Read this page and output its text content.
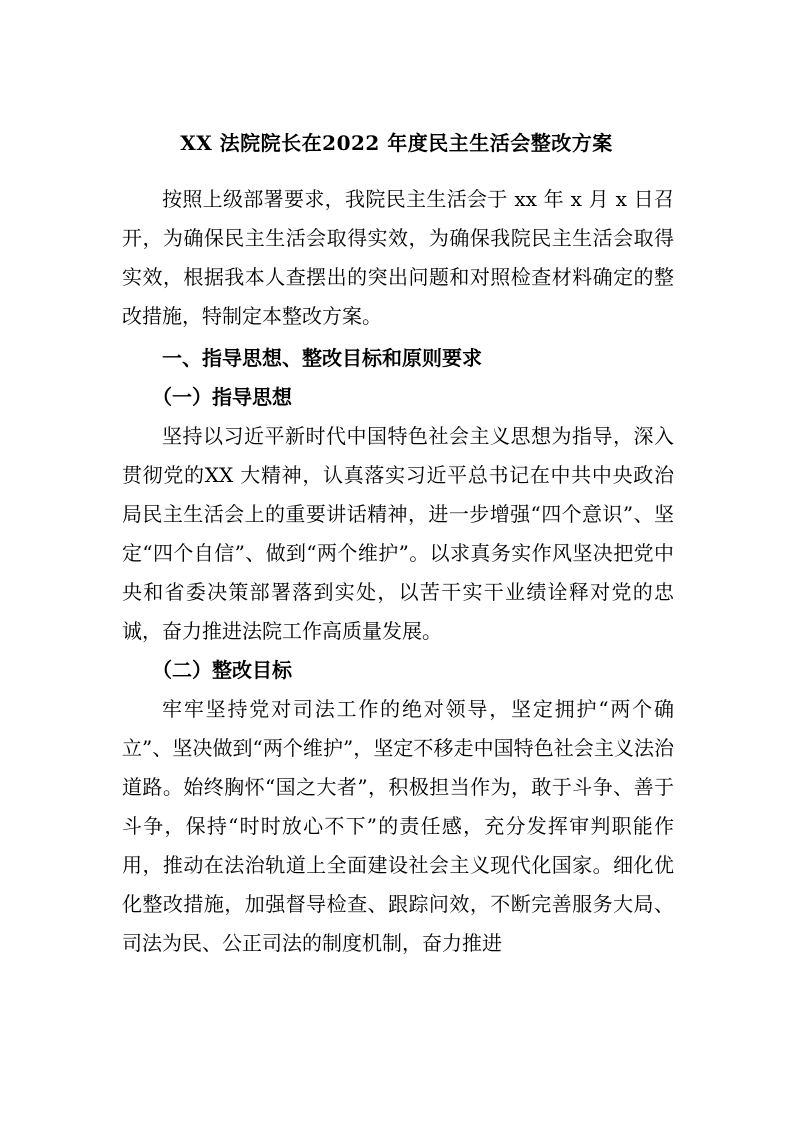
XX 法院院长在2022 年度民主生活会整改方案

按照上级部署要求，我院民主生活会于 xx 年 x 月 x 日召开，为确保民主生活会取得实效，为确保我院民主生活会取得实效，根据我本人查摆出的突出问题和对照检查材料确定的整改措施，特制定本整改方案。

一、指导思想、整改目标和原则要求

（一）指导思想

坚持以习近平新时代中国特色社会主义思想为指导，深入贯彻党的XX 大精神，认真落实习近平总书记在中共中央政治局民主生活会上的重要讲话精神，进一步增强“四个意识”、坚定“四个自信”、做到“两个维护”。以求真务实作风坚决把党中央和省委决策部署落到实处，以苦干实干业绩诠释对党的忠诚，奋力推进法院工作高质量发展。

（二）整改目标

牢牢坚持党对司法工作的绝对领导，坚定拥护“两个确立”、坚决做到“两个维护”，坚定不移走中国特色社会主义法治道路。始终胸怀“国之大者”，积极担当作为，敢于斗争、善于斗争，保持“时时放心不下”的责任感，充分发挥审判职能作用，推动在法治轨道上全面建设社会主义现代化国家。细化优化整改措施，加强督导检查、跟踪问效，不断完善服务大局、司法为民、公正司法的制度机制，奋力推进
